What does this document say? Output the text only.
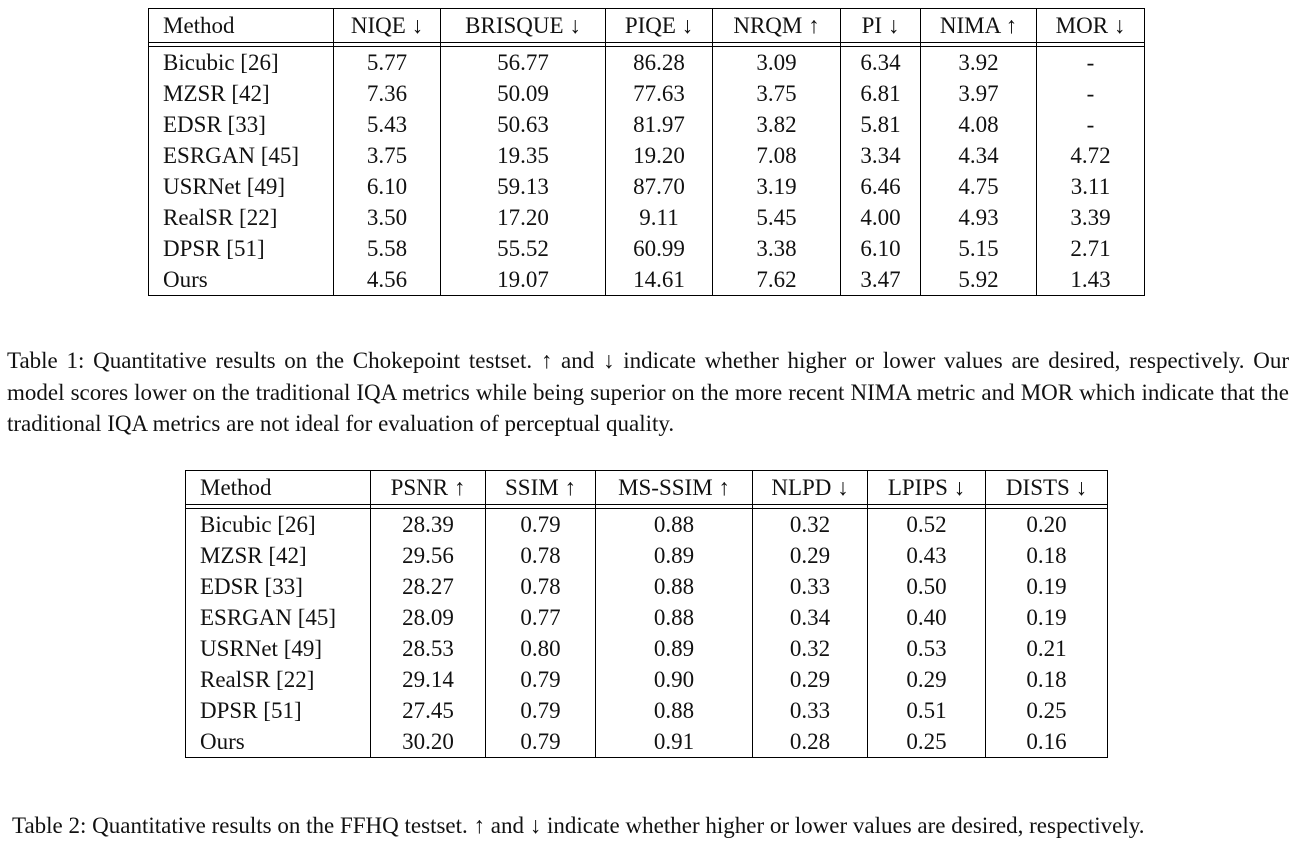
Method	NIQE ↓	BRISQUE ↓	PIQE ↓	NRQM ↑	PI ↓	NIMA ↑	MOR ↓

Bicubic [26]	5.77	56.77	86.28	3.09	6.34	3.92	-
MZSR [42]	7.36	50.09	77.63	3.75	6.81	3.97	-
EDSR [33]	5.43	50.63	81.97	3.82	5.81	4.08	-
ESRGAN [45]	3.75	19.35	19.20	7.08	3.34	4.34	4.72
USRNet [49]	6.10	59.13	87.70	3.19	6.46	4.75	3.11
RealSR [22]	3.50	17.20	9.11	5.45	4.00	4.93	3.39
DPSR [51]	5.58	55.52	60.99	3.38	6.10	5.15	2.71
Ours	4.56	19.07	14.61	7.62	3.47	5.92	1.43

Table 1: Quantitative results on the Chokepoint testset. ↑ and ↓ indicate whether higher or lower values are desired, respectively. Our model scores lower on the traditional IQA metrics while being superior on the more recent NIMA metric and MOR which indicate that the traditional IQA metrics are not ideal for evaluation of perceptual quality.

Method	PSNR ↑	SSIM ↑	MS-SSIM ↑	NLPD ↓	LPIPS ↓	DISTS ↓

Bicubic [26]	28.39	0.79	0.88	0.32	0.52	0.20
MZSR [42]	29.56	0.78	0.89	0.29	0.43	0.18
EDSR [33]	28.27	0.78	0.88	0.33	0.50	0.19
ESRGAN [45]	28.09	0.77	0.88	0.34	0.40	0.19
USRNet [49]	28.53	0.80	0.89	0.32	0.53	0.21
RealSR [22]	29.14	0.79	0.90	0.29	0.29	0.18
DPSR [51]	27.45	0.79	0.88	0.33	0.51	0.25
Ours	30.20	0.79	0.91	0.28	0.25	0.16

Table 2: Quantitative results on the FFHQ testset. ↑ and ↓ indicate whether higher or lower values are desired, respectively.
